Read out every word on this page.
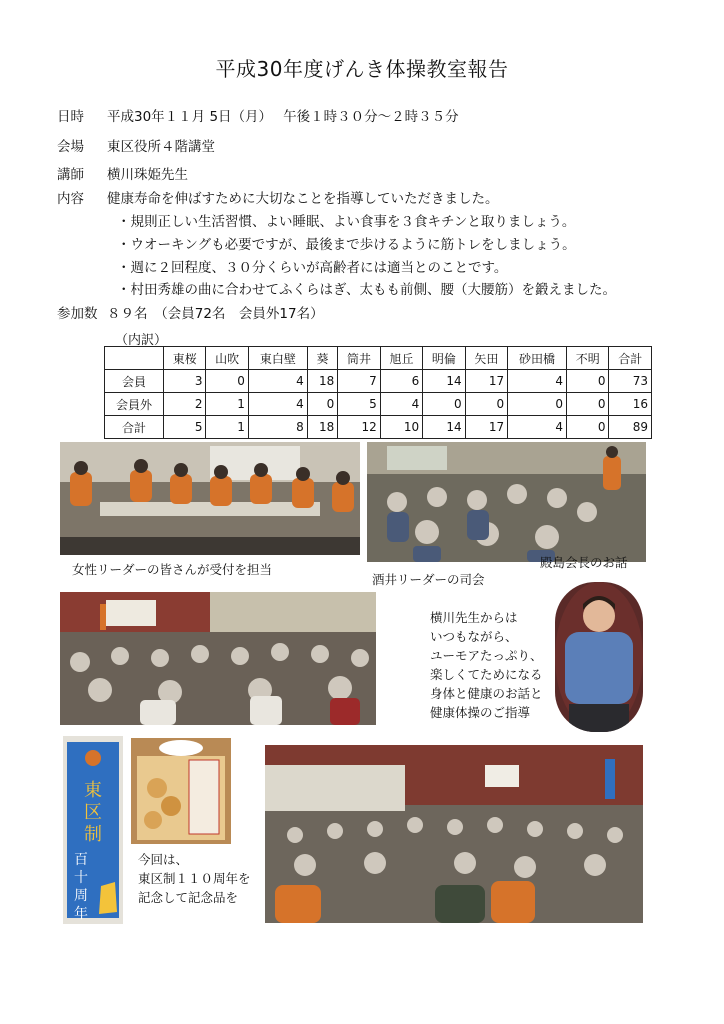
平成30年度げんき体操教室報告
日時 平成30年１１月 5日（月）　 午後１時３０分～２時３５分
会場 東区役所４階講堂
講師 横川珠姫先生
内容 健康寿命を伸ばすために大切なことを指導していただきました。
・規則正しい生活習慣、よい睡眠、よい食事を３食キチンと取りましょう。
・ウオーキングも必要ですが、最後まで歩けるように筋トレをしましょう。
・週に２回程度、３０分くらいが高齢者には適当とのことです。
・村田秀雄の曲に合わせてふくらはぎ、太もも前側、腰（大腰筋）を鍛えました。
参加数 ８９名　（会員72名　会員外17名）
（内訳）
	東桜	山吹	東白壁	葵	筒井	旭丘	明倫	矢田	砂田橋	不明	合計
会員	3	0	4	18	7	6	14	17	4	0	73
会員外	2	1	4	0	5	4	0	0	0	0	16
合計	5	1	8	18	12	10	14	17	4	0	89
女性リーダーの皆さんが受付を担当	殿島会長のお話
酒井リーダーの司会
横川先生からは
いつもながら、
ユーモアたっぷり、
楽しくてためになる
身体と健康のお話と
健康体操のご指導
東
区
制
百
十
周
年
今回は、
東区制１１０周年を
記念して記念品を
